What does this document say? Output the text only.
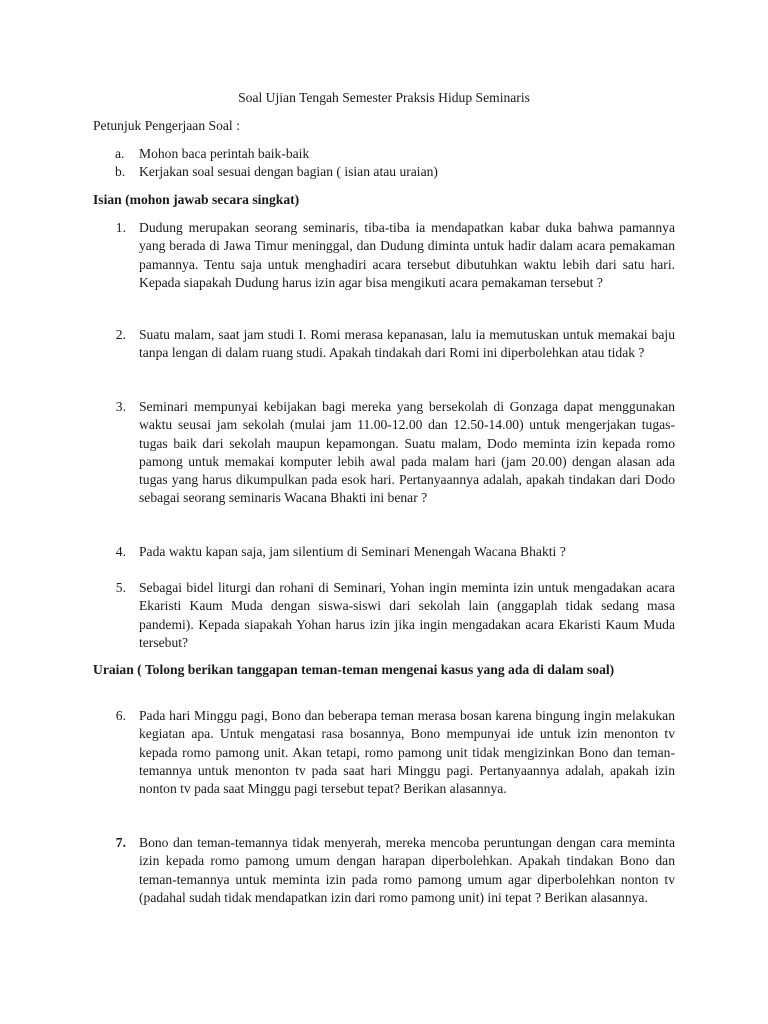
Soal Ujian Tengah Semester Praksis Hidup Seminaris
Petunjuk Pengerjaan Soal :
a. Mohon baca perintah baik-baik
b. Kerjakan soal sesuai dengan bagian ( isian atau uraian)
Isian (mohon jawab secara singkat)
1. Dudung merupakan seorang seminaris, tiba-tiba ia mendapatkan kabar duka bahwa pamannya yang berada di Jawa Timur meninggal, dan Dudung diminta untuk hadir dalam acara pemakaman pamannya. Tentu saja untuk menghadiri acara tersebut dibutuhkan waktu lebih dari satu hari. Kepada siapakah Dudung harus izin agar bisa mengikuti acara pemakaman tersebut ?
2. Suatu malam, saat jam studi I. Romi merasa kepanasan, lalu ia memutuskan untuk memakai baju tanpa lengan di dalam ruang studi. Apakah tindakah dari Romi ini diperbolehkan atau tidak ?
3. Seminari mempunyai kebijakan bagi mereka yang bersekolah di Gonzaga dapat menggunakan waktu seusai jam sekolah (mulai jam 11.00-12.00 dan 12.50-14.00) untuk mengerjakan tugas-tugas baik dari sekolah maupun kepamongan. Suatu malam, Dodo meminta izin kepada romo pamong untuk memakai komputer lebih awal pada malam hari (jam 20.00) dengan alasan ada tugas yang harus dikumpulkan pada esok hari. Pertanyaannya adalah, apakah tindakan dari Dodo sebagai seorang seminaris Wacana Bhakti ini benar ?
4. Pada waktu kapan saja, jam silentium di Seminari Menengah Wacana Bhakti ?
5. Sebagai bidel liturgi dan rohani di Seminari, Yohan ingin meminta izin untuk mengadakan acara Ekaristi Kaum Muda dengan siswa-siswi dari sekolah lain (anggaplah tidak sedang masa pandemi). Kepada siapakah Yohan harus izin jika ingin mengadakan acara Ekaristi Kaum Muda tersebut?
Uraian ( Tolong berikan tanggapan teman-teman mengenai kasus yang ada di dalam soal)
6. Pada hari Minggu pagi, Bono dan beberapa teman merasa bosan karena bingung ingin melakukan kegiatan apa. Untuk mengatasi rasa bosannya, Bono mempunyai ide untuk izin menonton tv kepada romo pamong unit. Akan tetapi, romo pamong unit tidak mengizinkan Bono dan teman-temannya untuk menonton tv pada saat hari Minggu pagi. Pertanyaannya adalah, apakah izin nonton tv pada saat Minggu pagi tersebut tepat? Berikan alasannya.
7. Bono dan teman-temannya tidak menyerah, mereka mencoba peruntungan dengan cara meminta izin kepada romo pamong umum dengan harapan diperbolehkan. Apakah tindakan Bono dan teman-temannya untuk meminta izin pada romo pamong umum agar diperbolehkan nonton tv (padahal sudah tidak mendapatkan izin dari romo pamong unit) ini tepat ? Berikan alasannya.
